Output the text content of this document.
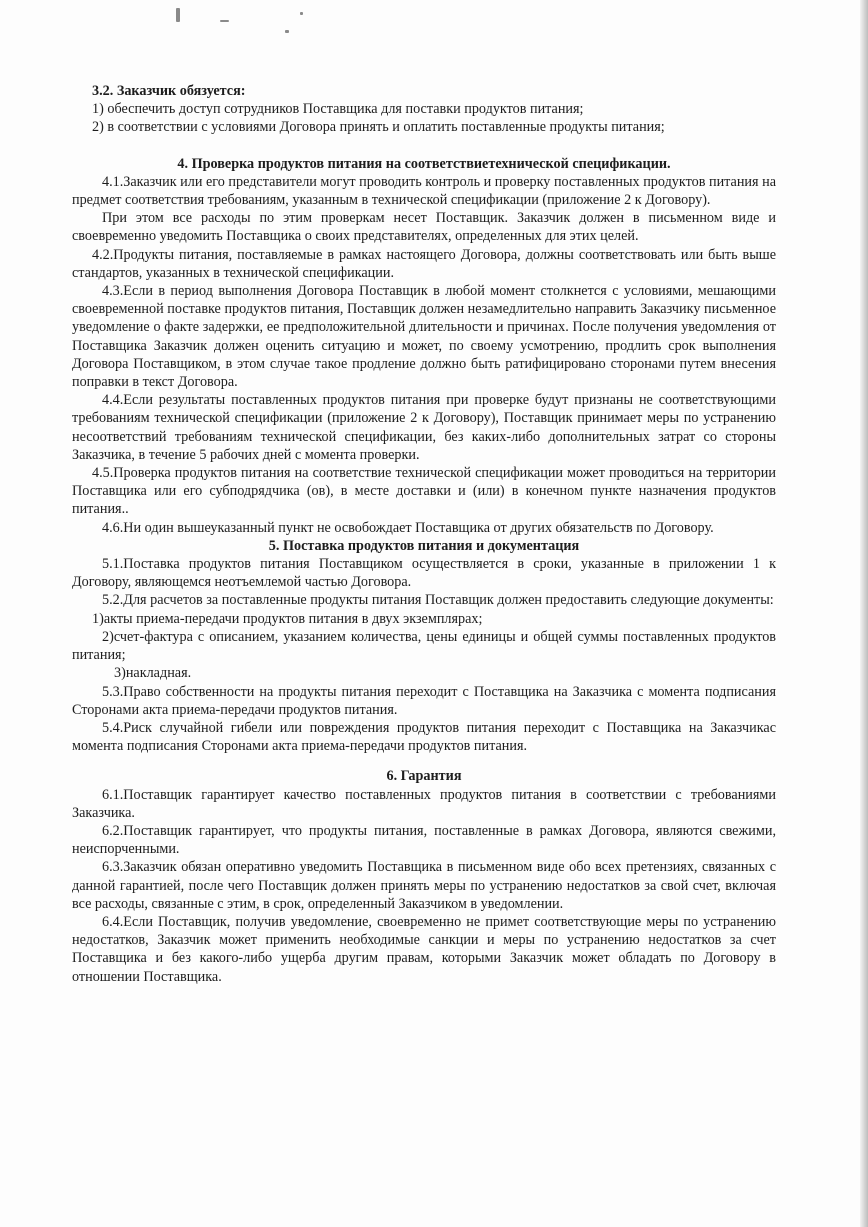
3.2. Заказчик обязуется:

1) обеспечить доступ сотрудников Поставщика для поставки продуктов питания;

2) в соответствии с условиями Договора принять и оплатить поставленные продукты питания;

4. Проверка продуктов питания на соответствиетехнической спецификации.

4.1.Заказчик или его представители могут проводить контроль и проверку поставленных продуктов питания на предмет соответствия требованиям, указанным в технической спецификации (приложение 2 к Договору).

При этом все расходы по этим проверкам несет Поставщик. Заказчик должен в письменном виде и своевременно уведомить Поставщика о своих представителях, определенных для этих целей.

4.2.Продукты питания, поставляемые в рамках настоящего Договора, должны соответствовать или быть выше стандартов, указанных в технической спецификации.

4.3.Если в период выполнения Договора Поставщик в любой момент столкнется с условиями, мешающими своевременной поставке продуктов питания, Поставщик должен незамедлительно направить Заказчику письменное уведомление о факте задержки, ее предположительной длительности и причинах. После получения уведомления от Поставщика Заказчик должен оценить ситуацию и может, по своему усмотрению, продлить срок выполнения Договора Поставщиком, в этом случае такое продление должно быть ратифицировано сторонами путем внесения поправки в текст Договора.

4.4.Если результаты поставленных продуктов питания при проверке будут признаны не соответствующими требованиям технической спецификации (приложение 2 к Договору), Поставщик принимает меры по устранению несоответствий требованиям технической спецификации, без каких-либо дополнительных затрат со стороны Заказчика, в течение 5 рабочих дней с момента проверки.

4.5.Проверка продуктов питания на соответствие технической спецификации может проводиться на территории Поставщика или его субподрядчика (ов), в месте доставки и (или) в конечном пункте назначения продуктов питания..

4.6.Ни один вышеуказанный пункт не освобождает Поставщика от других обязательств по Договору.

5. Поставка продуктов питания и документация

5.1.Поставка продуктов питания Поставщиком осуществляется в сроки, указанные в приложении 1 к Договору, являющемся неотъемлемой частью Договора.

5.2.Для расчетов за поставленные продукты питания Поставщик должен предоставить следующие документы:

1)акты приема-передачи продуктов питания в двух экземплярах;

2)счет-фактура с описанием, указанием количества, цены единицы и общей суммы поставленных продуктов питания;

3)накладная.

5.3.Право собственности на продукты питания переходит с Поставщика на Заказчика с момента подписания Сторонами акта приема-передачи продуктов питания.

5.4.Риск случайной гибели или повреждения продуктов питания переходит с Поставщика на Заказчикас момента подписания Сторонами акта приема-передачи продуктов питания.

6. Гарантия

6.1.Поставщик гарантирует качество поставленных продуктов питания в соответствии с требованиями Заказчика.

6.2.Поставщик гарантирует, что продукты питания, поставленные в рамках Договора, являются свежими, неиспорченными.

6.3.Заказчик обязан оперативно уведомить Поставщика в письменном виде обо всех претензиях, связанных с данной гарантией, после чего Поставщик должен принять меры по устранению недостатков за свой счет, включая все расходы, связанные с этим, в срок, определенный Заказчиком в уведомлении.

6.4.Если Поставщик, получив уведомление, своевременно не примет соответствующие меры по устранению недостатков, Заказчик может применить необходимые санкции и меры по устранению недостатков за счет Поставщика и без какого-либо ущерба другим правам, которыми Заказчик может обладать по Договору в отношении Поставщика.
